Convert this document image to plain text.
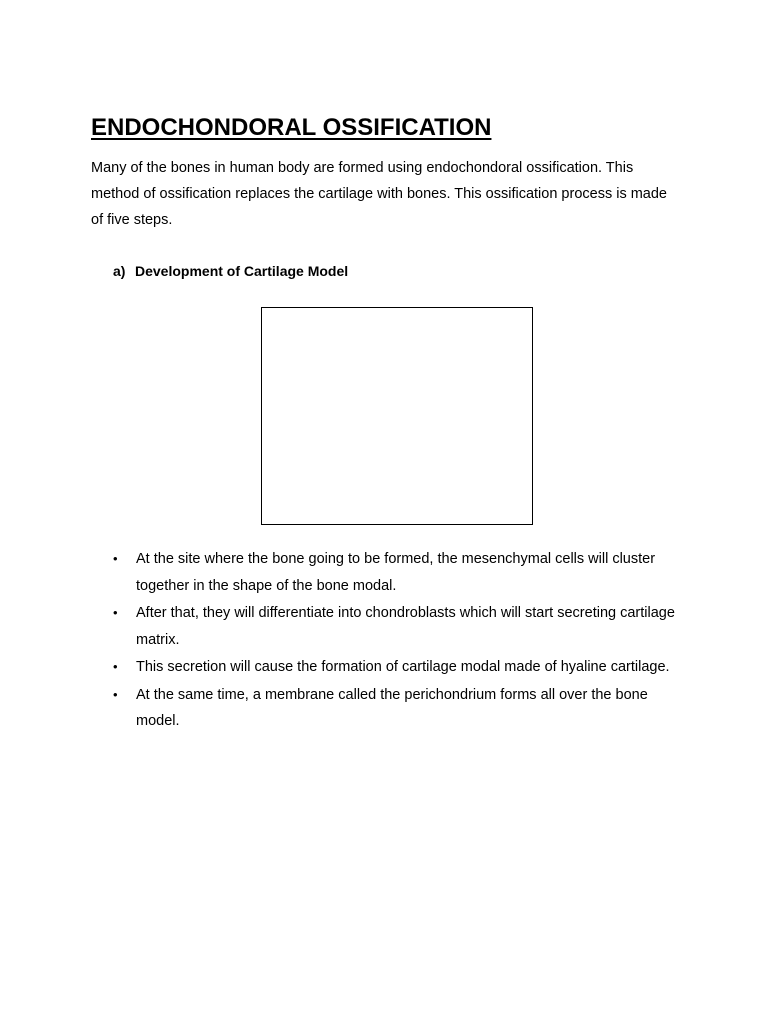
ENDOCHONDORAL OSSIFICATION

Many of the bones in human body are formed using endochondoral ossification. This method of ossification replaces the cartilage with bones. This ossification process is made of five steps.

a) Development of Cartilage Model
•	At the site where the bone going to be formed, the mesenchymal cells will cluster together in the shape of the bone modal.
•	After that, they will differentiate into chondroblasts which will start secreting cartilage matrix.
•	This secretion will cause the formation of cartilage modal made of hyaline cartilage.
•	At the same time, a membrane called the perichondrium forms all over the bone model.
